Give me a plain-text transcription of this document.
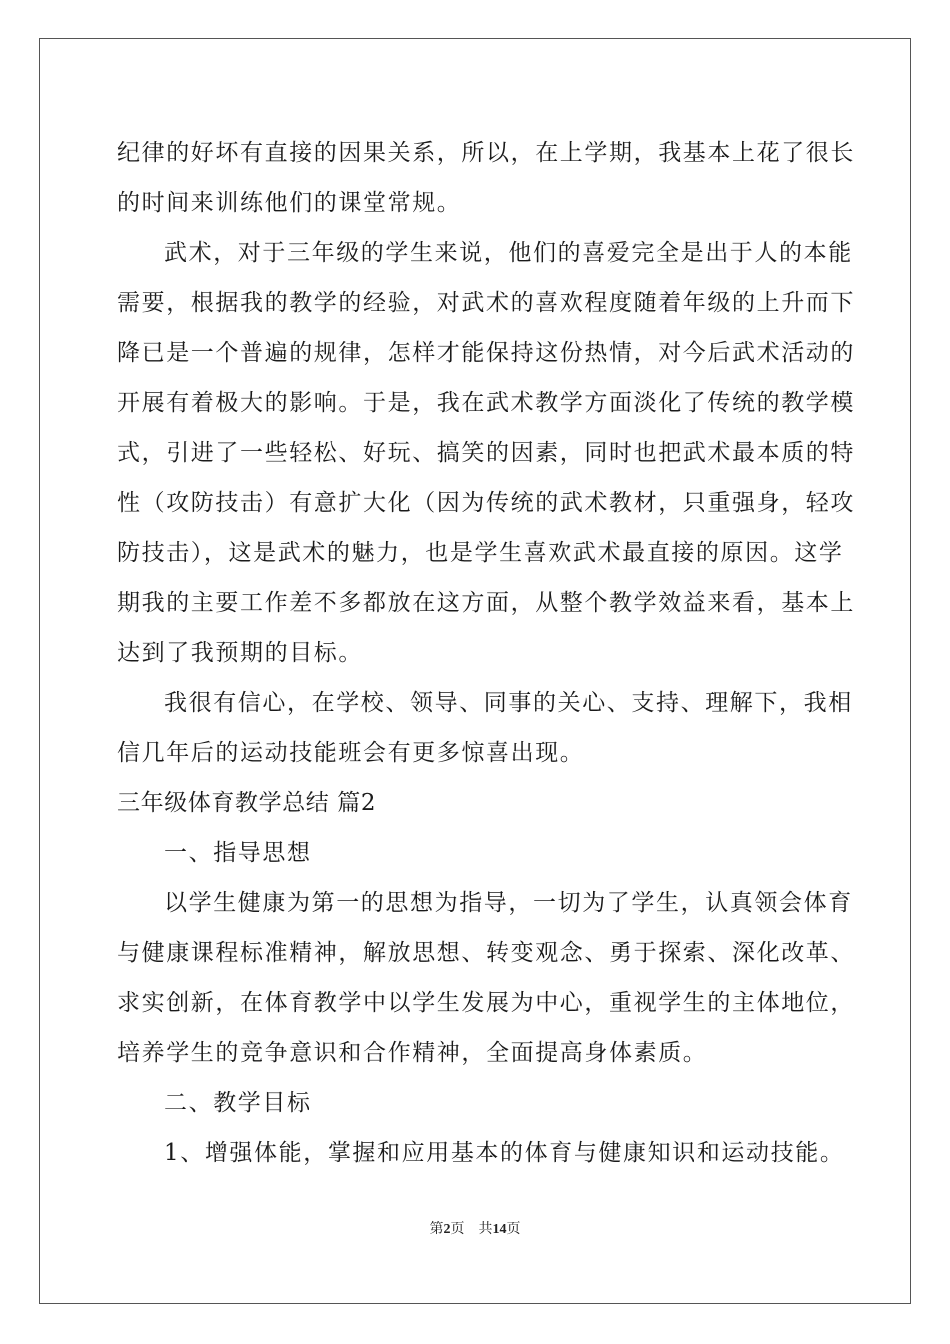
纪律的好坏有直接的因果关系，所以，在上学期，我基本上花了很长
的时间来训练他们的课堂常规。
武术，对于三年级的学生来说，他们的喜爱完全是出于人的本能
需要，根据我的教学的经验，对武术的喜欢程度随着年级的上升而下
降已是一个普遍的规律，怎样才能保持这份热情，对今后武术活动的
开展有着极大的影响。于是，我在武术教学方面淡化了传统的教学模
式，引进了一些轻松、好玩、搞笑的因素，同时也把武术最本质的特
性（攻防技击）有意扩大化（因为传统的武术教材，只重强身，轻攻
防技击），这是武术的魅力，也是学生喜欢武术最直接的原因。这学
期我的主要工作差不多都放在这方面，从整个教学效益来看，基本上
达到了我预期的目标。
我很有信心，在学校、领导、同事的关心、支持、理解下，我相
信几年后的运动技能班会有更多惊喜出现。
三年级体育教学总结 篇2
一、指导思想
以学生健康为第一的思想为指导，一切为了学生，认真领会体育
与健康课程标准精神，解放思想、转变观念、勇于探索、深化改革、
求实创新，在体育教学中以学生发展为中心，重视学生的主体地位，
培养学生的竞争意识和合作精神，全面提高身体素质。
二、教学目标
1、增强体能，掌握和应用基本的体育与健康知识和运动技能。
第2页　共14页
